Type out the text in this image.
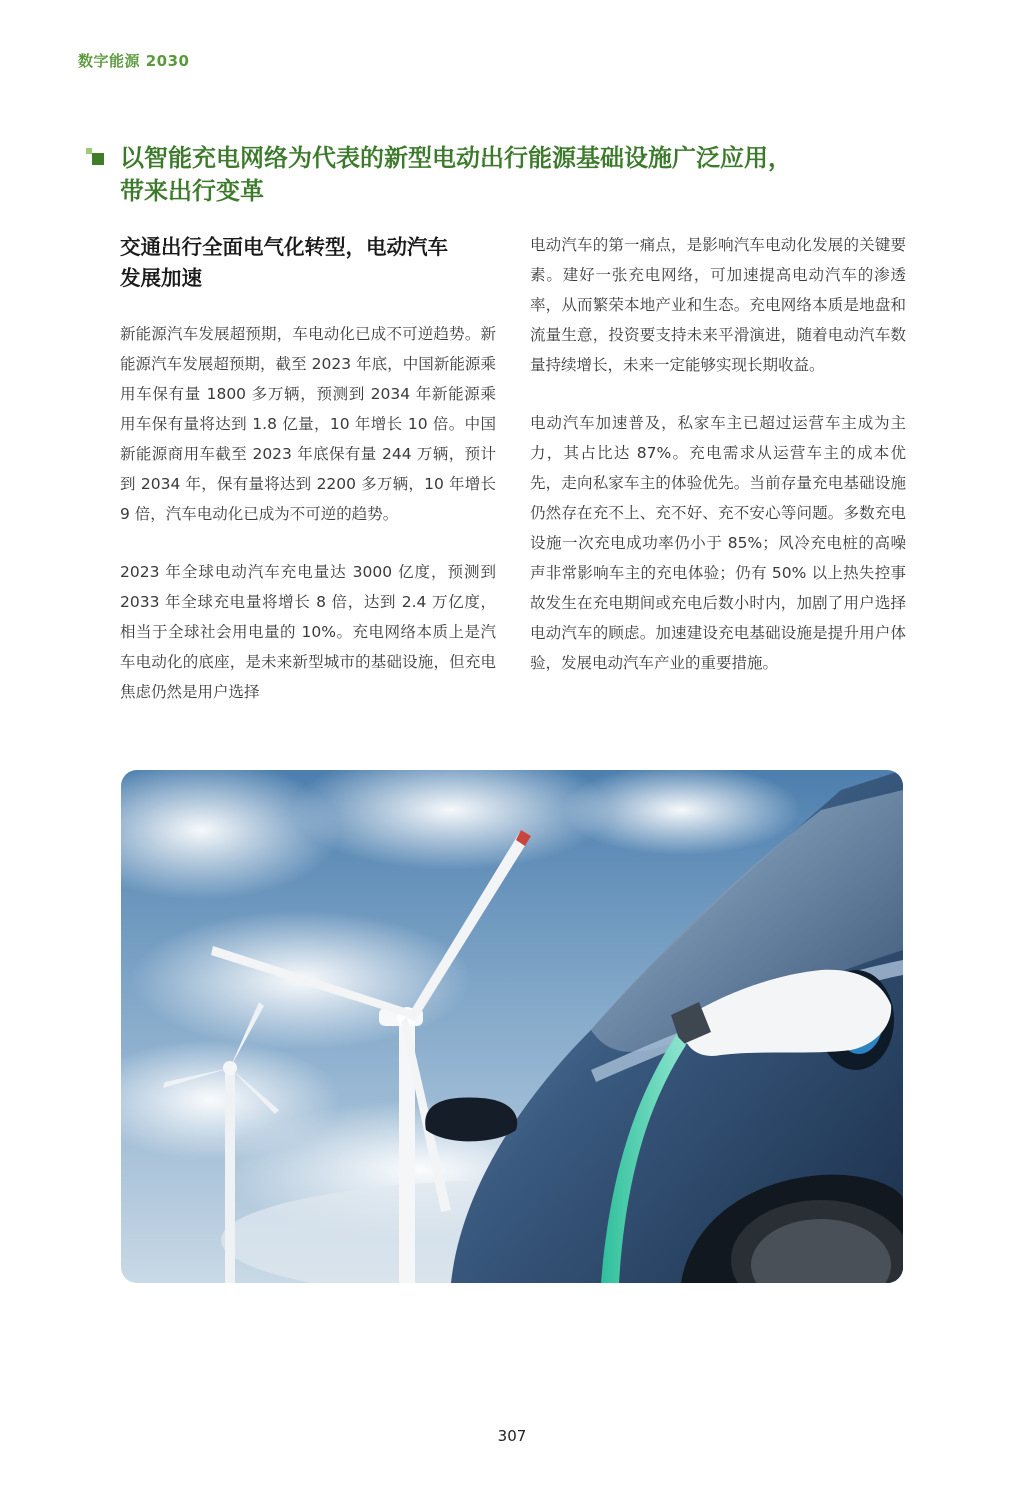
数字能源 2030
以智能充电网络为代表的新型电动出行能源基础设施广泛应用，
带来出行变革
交通出行全面电气化转型，电动汽车
发展加速

新能源汽车发展超预期，车电动化已成不可逆趋势。新能源汽车发展超预期，截至 2023 年底，中国新能源乘用车保有量 1800 多万辆，预测到 2034 年新能源乘用车保有量将达到 1.8 亿量，10 年增长 10 倍。中国新能源商用车截至 2023 年底保有量 244 万辆，预计到 2034 年，保有量将达到 2200 多万辆，10 年增长 9 倍，汽车电动化已成为不可逆的趋势。

2023 年全球电动汽车充电量达 3000 亿度，预测到 2033 年全球充电量将增长 8 倍，达到 2.4 万亿度，相当于全球社会用电量的 10%。充电网络本质上是汽车电动化的底座，是未来新型城市的基础设施，但充电焦虑仍然是用户选择

电动汽车的第一痛点，是影响汽车电动化发展的关键要素。建好一张充电网络，可加速提高电动汽车的渗透率，从而繁荣本地产业和生态。充电网络本质是地盘和流量生意，投资要支持未来平滑演进，随着电动汽车数量持续增长，未来一定能够实现长期收益。

电动汽车加速普及，私家车主已超过运营车主成为主力，其占比达 87%。充电需求从运营车主的成本优先，走向私家车主的体验优先。当前存量充电基础设施仍然存在充不上、充不好、充不安心等问题。多数充电设施一次充电成功率仍小于 85%；风冷充电桩的高噪声非常影响车主的充电体验；仍有 50% 以上热失控事故发生在充电期间或充电后数小时内，加剧了用户选择电动汽车的顾虑。加速建设充电基础设施是提升用户体验，发展电动汽车产业的重要措施。

307
